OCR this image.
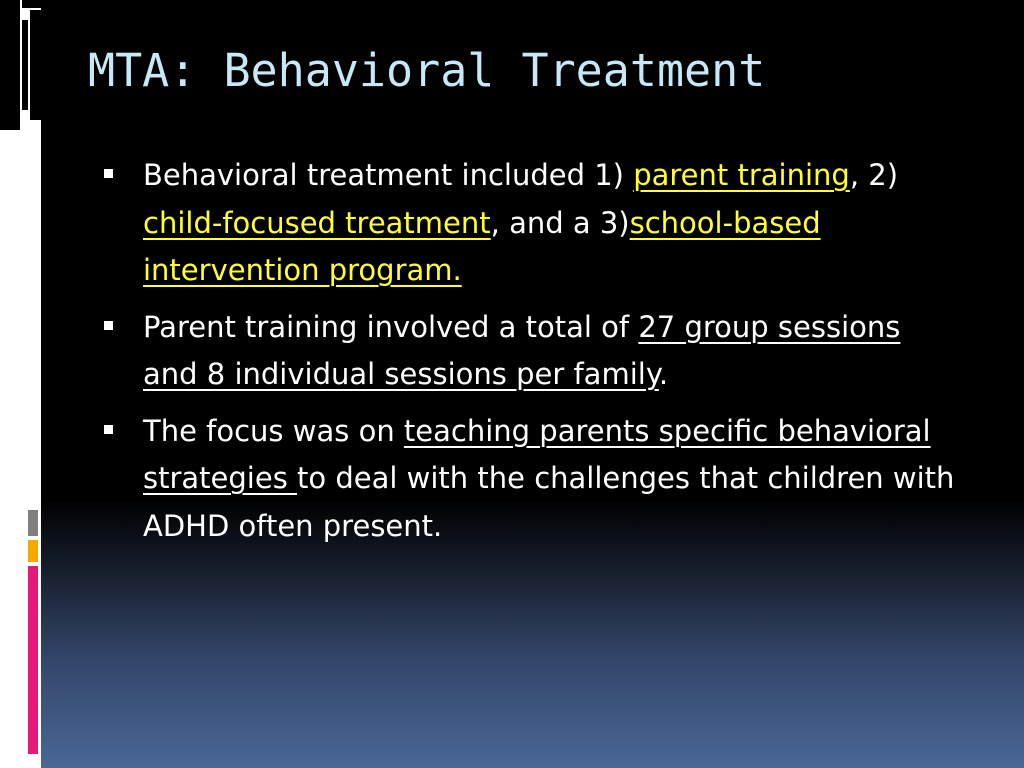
MTA: Behavioral Treatment
Behavioral treatment included 1) parent training, 2) child-focused treatment, and a 3)school-based intervention program.
Parent training involved a total of 27 group sessions and 8 individual sessions per family.
The focus was on teaching parents specific behavioral strategies to deal with the challenges that children with ADHD often present.
